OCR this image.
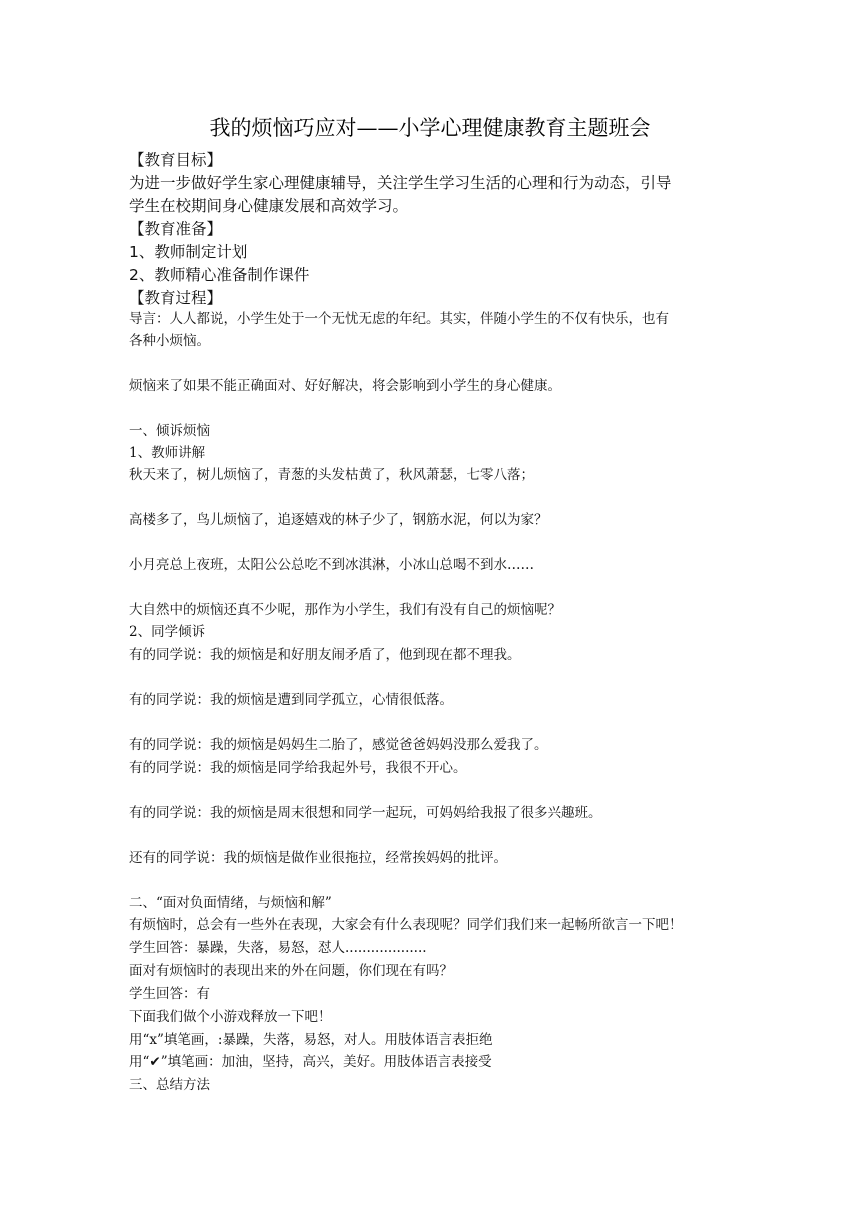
我的烦恼巧应对——小学心理健康教育主题班会
【教育目标】
为进一步做好学生家心理健康辅导，关注学生学习生活的心理和行为动态，引导
学生在校期间身心健康发展和高效学习。
【教育准备】
1、教师制定计划
2、教师精心准备制作课件
【教育过程】
导言：人人都说，小学生处于一个无忧无虑的年纪。其实，伴随小学生的不仅有快乐，也有
各种小烦恼。
烦恼来了如果不能正确面对、好好解决，将会影响到小学生的身心健康。
一、倾诉烦恼
1、教师讲解
秋天来了，树儿烦恼了，青葱的头发枯黄了，秋风萧瑟，七零八落；
高楼多了，鸟儿烦恼了，追逐嬉戏的林子少了，钢筋水泥，何以为家？
小月亮总上夜班，太阳公公总吃不到冰淇淋，小冰山总喝不到水……
大自然中的烦恼还真不少呢，那作为小学生，我们有没有自己的烦恼呢？
2、同学倾诉
有的同学说：我的烦恼是和好朋友闹矛盾了，他到现在都不理我。
有的同学说：我的烦恼是遭到同学孤立，心情很低落。
有的同学说：我的烦恼是妈妈生二胎了，感觉爸爸妈妈没那么爱我了。
有的同学说：我的烦恼是同学给我起外号，我很不开心。
有的同学说：我的烦恼是周末很想和同学一起玩，可妈妈给我报了很多兴趣班。
还有的同学说：我的烦恼是做作业很拖拉，经常挨妈妈的批评。
二、“面对负面情绪，与烦恼和解”
有烦恼时，总会有一些外在表现，大家会有什么表现呢？同学们我们来一起畅所欲言一下吧！
学生回答：暴躁，失落，易怒，怼人...................
面对有烦恼时的表现出来的外在问题，你们现在有吗？
学生回答：有
下面我们做个小游戏释放一下吧！
用“x”填笔画，:暴躁，失落，易怒，对人。用肢体语言表拒绝
用“✔”填笔画：加油，坚持，高兴，美好。用肢体语言表接受
三、总结方法
